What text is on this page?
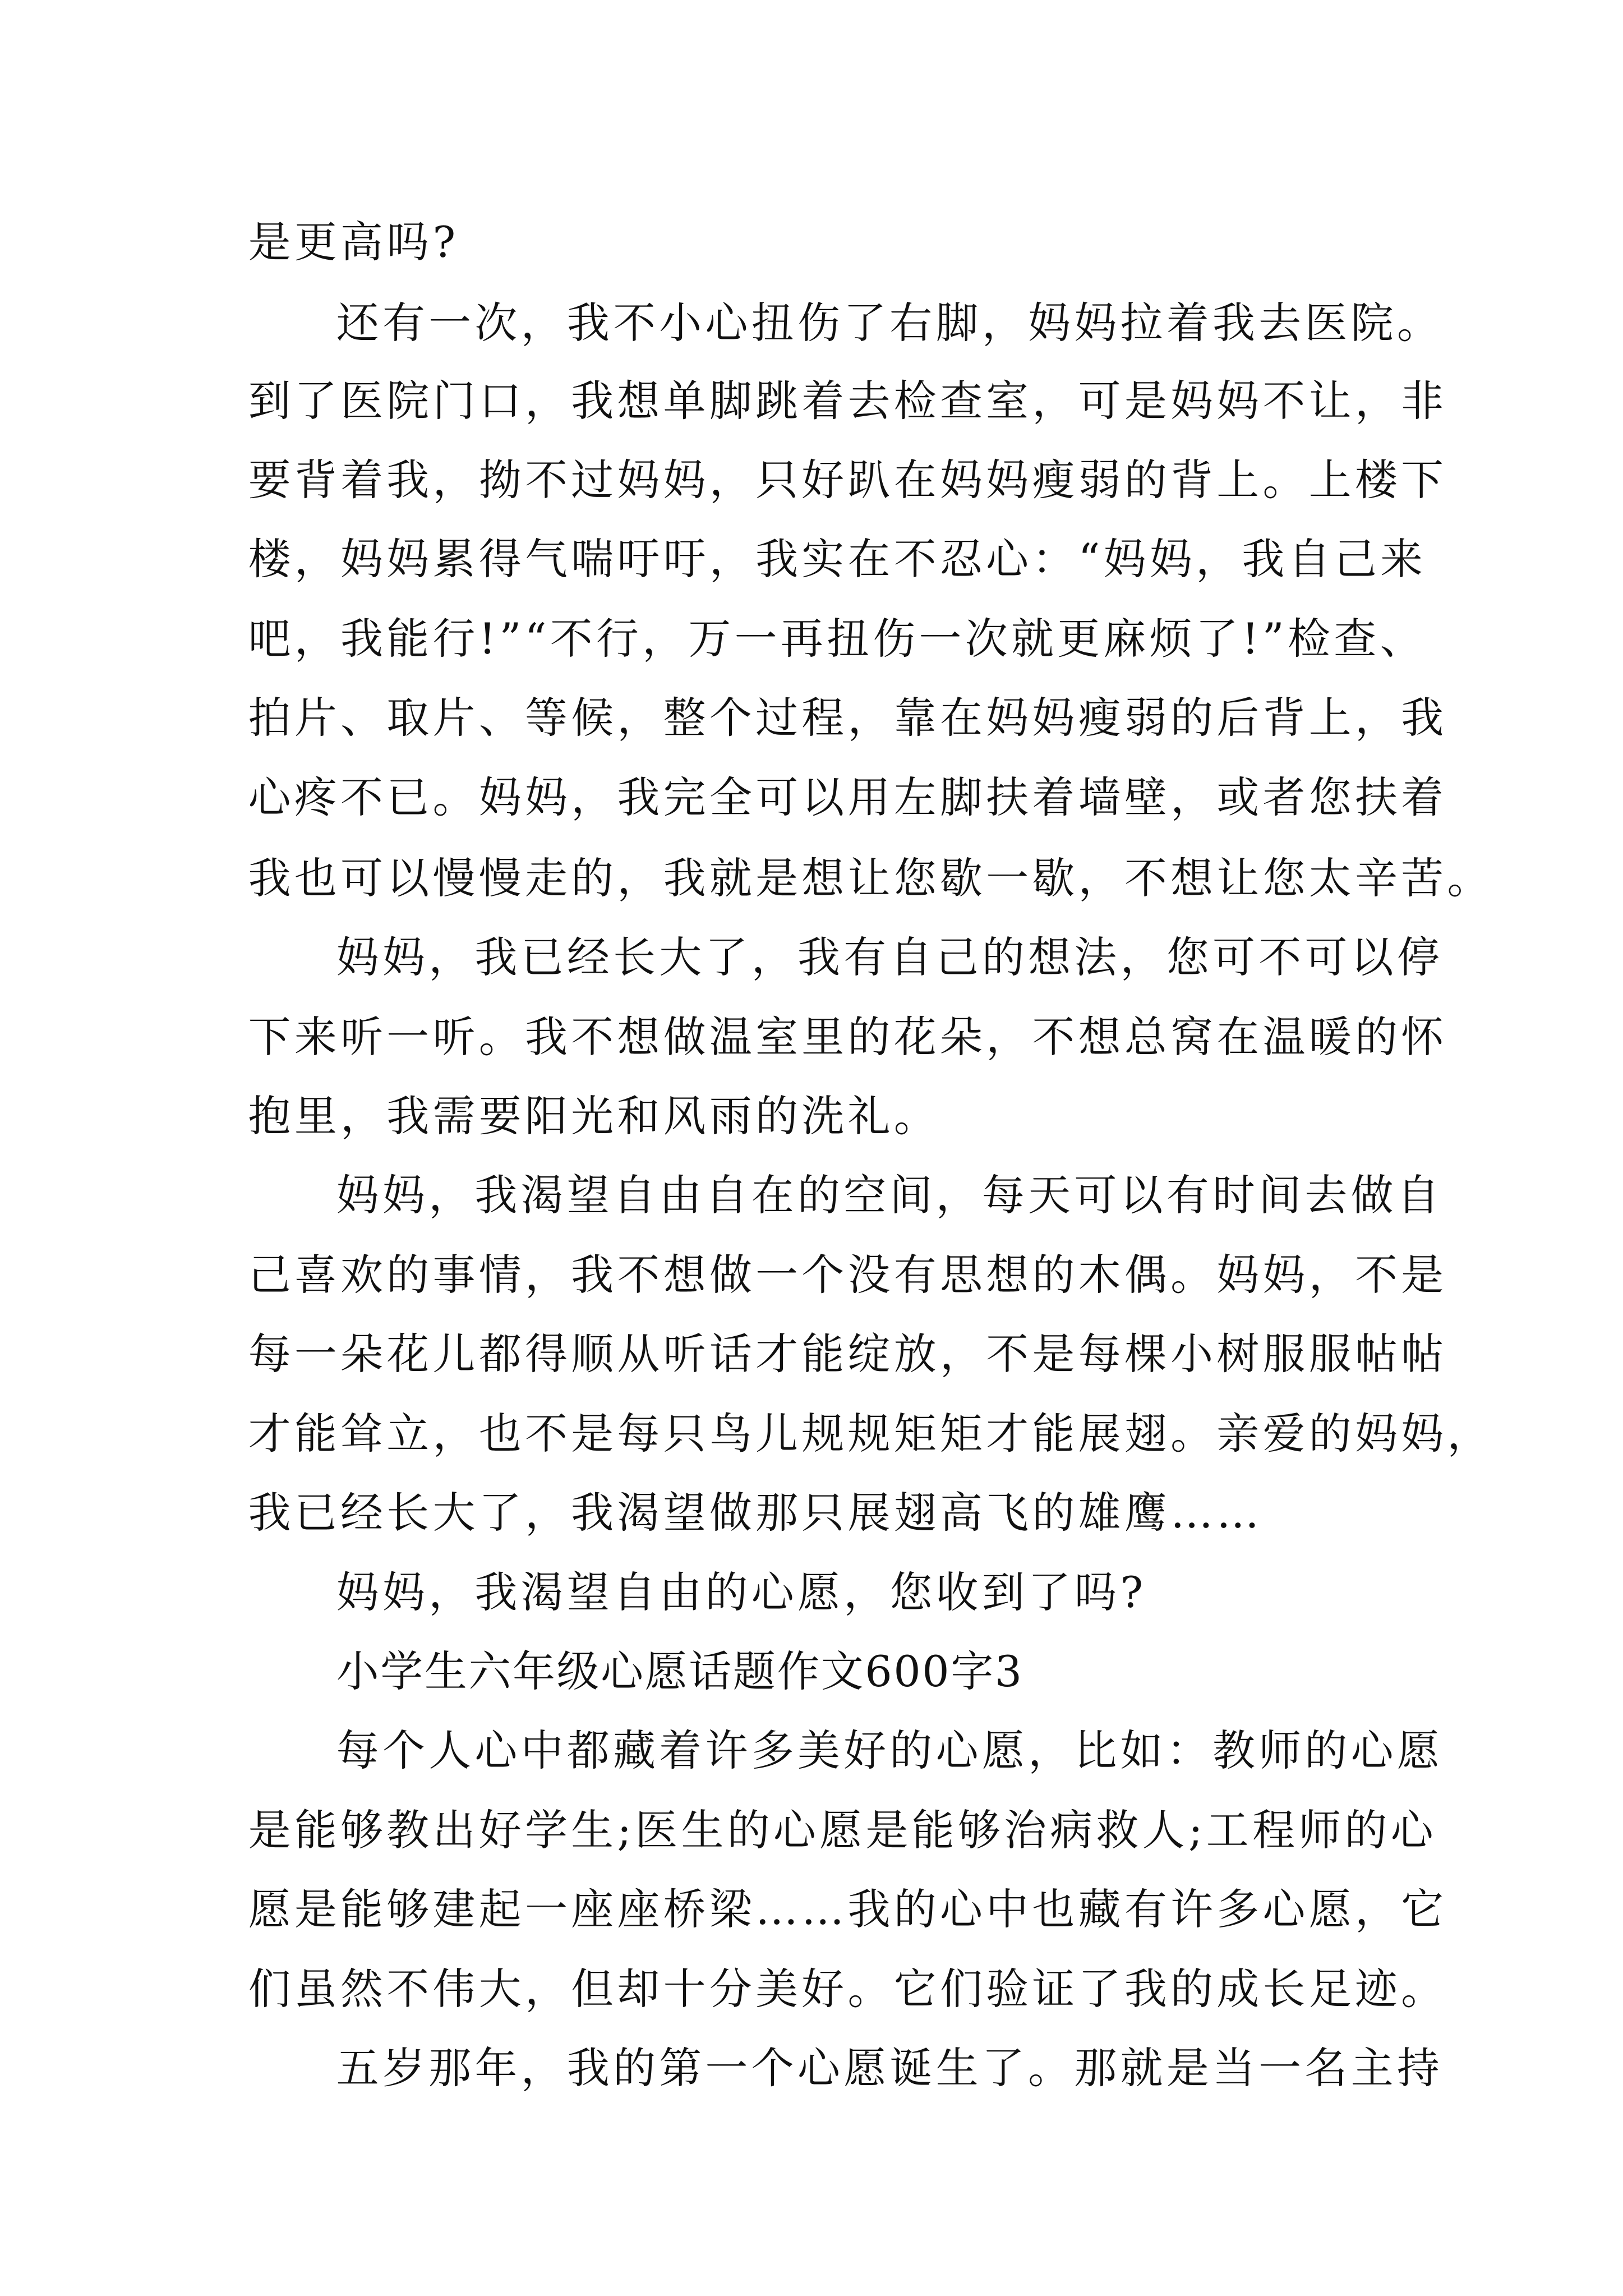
是更高吗?
还有一次，我不小心扭伤了右脚，妈妈拉着我去医院。
到了医院门口，我想单脚跳着去检查室，可是妈妈不让，非
要背着我，拗不过妈妈，只好趴在妈妈瘦弱的背上。上楼下
楼，妈妈累得气喘吁吁，我实在不忍心：“妈妈，我自己来
吧，我能行!”“不行，万一再扭伤一次就更麻烦了!”检查、
拍片、取片、等候，整个过程，靠在妈妈瘦弱的后背上，我
心疼不已。妈妈，我完全可以用左脚扶着墙壁，或者您扶着
我也可以慢慢走的，我就是想让您歇一歇，不想让您太辛苦。
妈妈，我已经长大了，我有自己的想法，您可不可以停
下来听一听。我不想做温室里的花朵，不想总窝在温暖的怀
抱里，我需要阳光和风雨的洗礼。
妈妈，我渴望自由自在的空间，每天可以有时间去做自
己喜欢的事情，我不想做一个没有思想的木偶。妈妈，不是
每一朵花儿都得顺从听话才能绽放，不是每棵小树服服帖帖
才能耸立，也不是每只鸟儿规规矩矩才能展翅。亲爱的妈妈，
我已经长大了，我渴望做那只展翅高飞的雄鹰……
妈妈，我渴望自由的心愿，您收到了吗?
小学生六年级心愿话题作文600字3
每个人心中都藏着许多美好的心愿，比如：教师的心愿
是能够教出好学生;医生的心愿是能够治病救人;工程师的心
愿是能够建起一座座桥梁……我的心中也藏有许多心愿，它
们虽然不伟大，但却十分美好。它们验证了我的成长足迹。
五岁那年，我的第一个心愿诞生了。那就是当一名主持
